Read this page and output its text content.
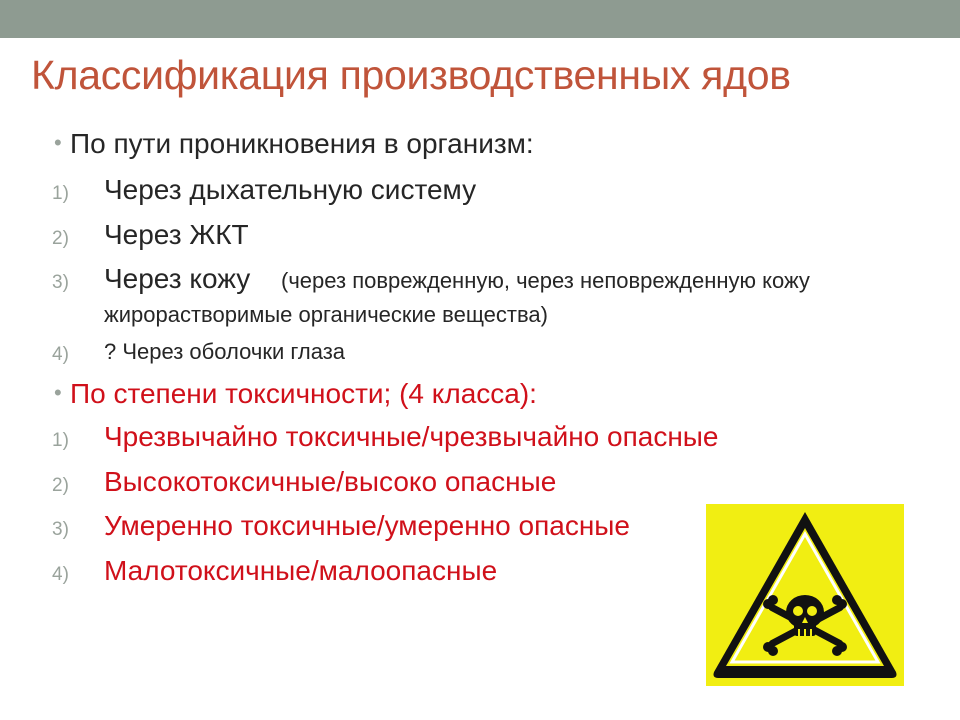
Классификация производственных ядов
• По пути проникновения в организм:
1) Через дыхательную систему
2) Через ЖКТ
3) Через кожу (через поврежденную, через неповрежденную кожу
жирорастворимые органические вещества)
4) ? Через оболочки глаза
• По степени токсичности; (4 класса):
1) Чрезвычайно токсичные/чрезвычайно опасные
2) Высокотоксичные/высоко опасные
3) Умеренно токсичные/умеренно опасные
4) Малотоксичные/малоопасные
